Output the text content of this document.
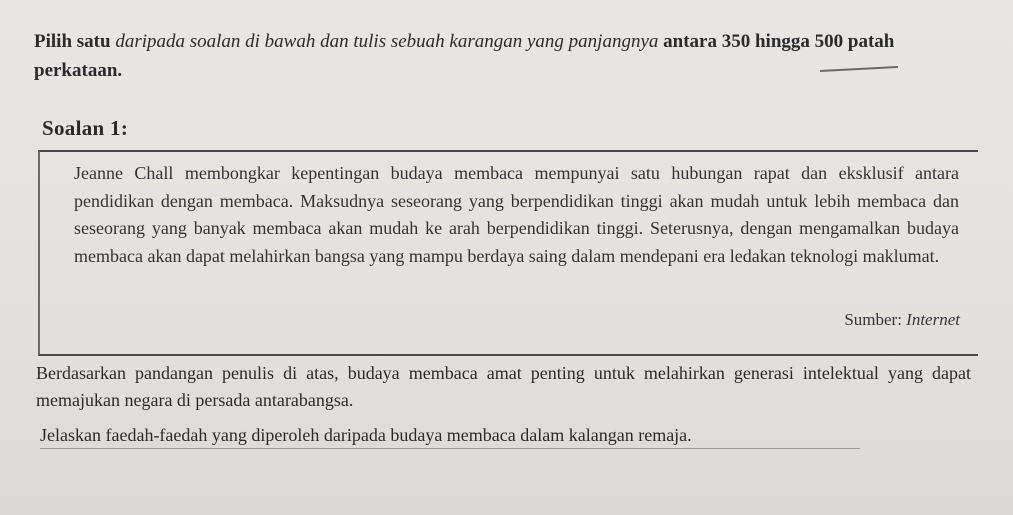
Pilih satu daripada soalan di bawah dan tulis sebuah karangan yang panjangnya antara 350 hingga 500 patah perkataan.
Soalan 1:
Jeanne Chall membongkar kepentingan budaya membaca mempunyai satu hubungan rapat dan eksklusif antara pendidikan dengan membaca. Maksudnya seseorang yang berpendidikan tinggi akan mudah untuk lebih membaca dan seseorang yang banyak membaca akan mudah ke arah berpendidikan tinggi. Seterusnya, dengan mengamalkan budaya membaca akan dapat melahirkan bangsa yang mampu berdaya saing dalam mendepani era ledakan teknologi maklumat.
Sumber: Internet
Berdasarkan pandangan penulis di atas, budaya membaca amat penting untuk melahirkan generasi intelektual yang dapat memajukan negara di persada antarabangsa.
Jelaskan faedah-faedah yang diperoleh daripada budaya membaca dalam kalangan remaja.
